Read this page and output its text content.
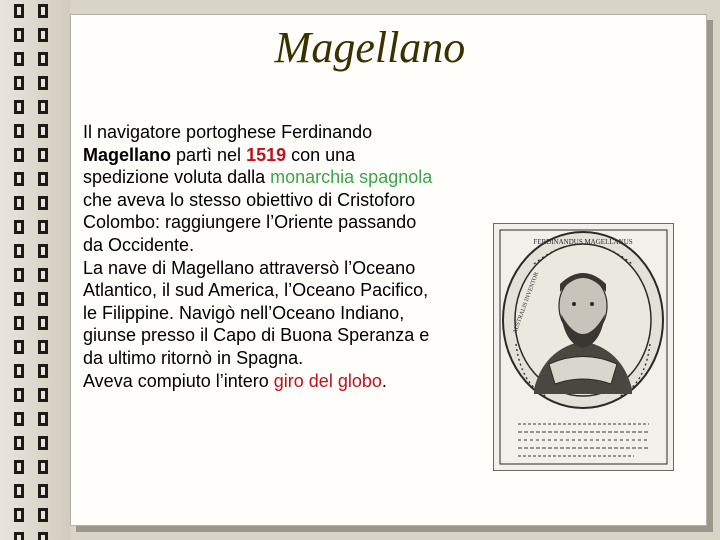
Magellano
Il navigatore portoghese Ferdinando
Magellano partì nel 1519 con una
spedizione voluta dalla monarchia spagnola
che aveva lo stesso obiettivo di Cristoforo
Colombo: raggiungere l’Oriente passando
da Occidente.
La nave di Magellano attraversò l’Oceano
Atlantico, il sud America, l’Oceano Pacifico,
le Filippine. Navigò nell’Oceano Indiano,
giunse presso il Capo di Buona Speranza e
da ultimo ritornò in Spagna.
Aveva compiuto l’intero giro del globo.
FERDINANDUS MAGELLANUS
AUSTRALIS INVENTOR
